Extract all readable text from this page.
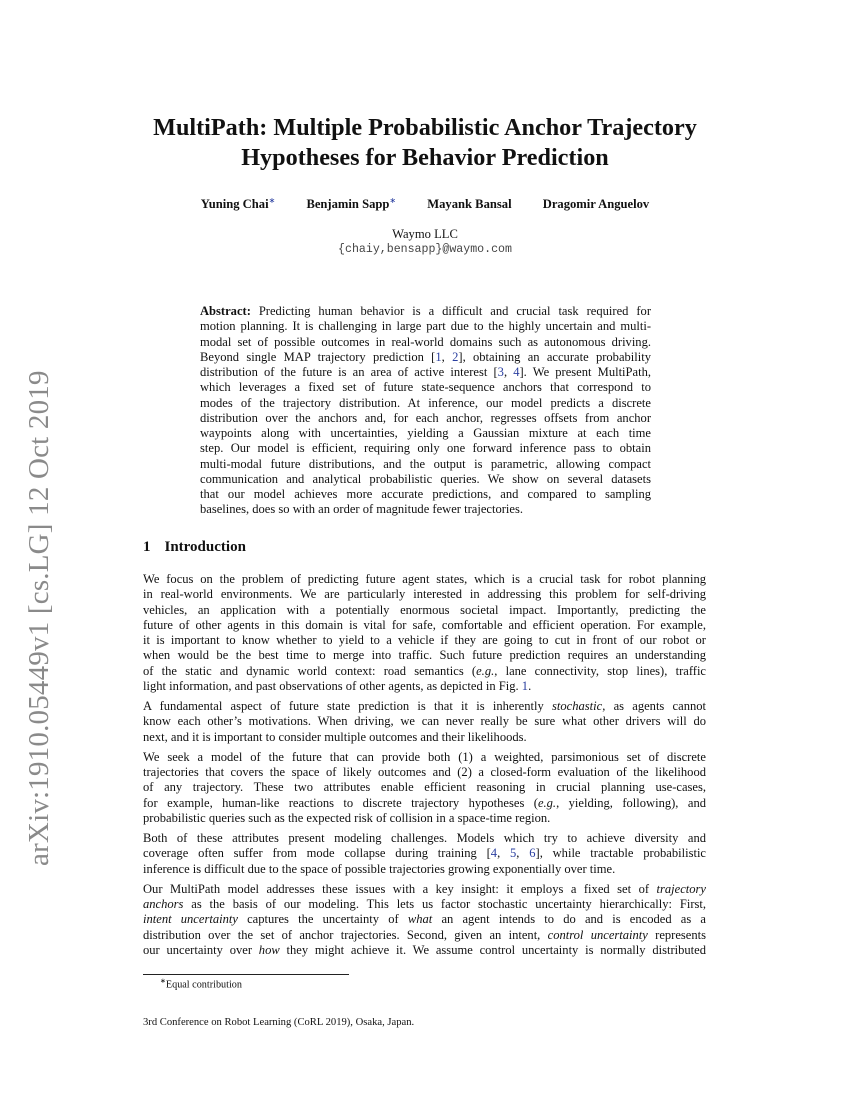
arXiv:1910.05449v1 [cs.LG] 12 Oct 2019
MultiPath: Multiple Probabilistic Anchor Trajectory
Hypotheses for Behavior Prediction
Yuning Chai∗ Benjamin Sapp∗ Mayank Bansal Dragomir Anguelov
Waymo LLC
{chaiy,bensapp}@waymo.com
Abstract: Predicting human behavior is a difficult and crucial task required for
motion planning. It is challenging in large part due to the highly uncertain and multi-
modal set of possible outcomes in real-world domains such as autonomous driving.
Beyond single MAP trajectory prediction [1, 2], obtaining an accurate probability
distribution of the future is an area of active interest [3, 4]. We present MultiPath,
which leverages a fixed set of future state-sequence anchors that correspond to
modes of the trajectory distribution. At inference, our model predicts a discrete
distribution over the anchors and, for each anchor, regresses offsets from anchor
waypoints along with uncertainties, yielding a Gaussian mixture at each time
step. Our model is efficient, requiring only one forward inference pass to obtain
multi-modal future distributions, and the output is parametric, allowing compact
communication and analytical probabilistic queries. We show on several datasets
that our model achieves more accurate predictions, and compared to sampling
baselines, does so with an order of magnitude fewer trajectories.
1 Introduction
We focus on the problem of predicting future agent states, which is a crucial task for robot planning
in real-world environments. We are particularly interested in addressing this problem for self-driving
vehicles, an application with a potentially enormous societal impact. Importantly, predicting the
future of other agents in this domain is vital for safe, comfortable and efficient operation. For example,
it is important to know whether to yield to a vehicle if they are going to cut in front of our robot or
when would be the best time to merge into traffic. Such future prediction requires an understanding
of the static and dynamic world context: road semantics (e.g., lane connectivity, stop lines), traffic
light information, and past observations of other agents, as depicted in Fig. 1.
A fundamental aspect of future state prediction is that it is inherently stochastic, as agents cannot
know each other’s motivations. When driving, we can never really be sure what other drivers will do
next, and it is important to consider multiple outcomes and their likelihoods.
We seek a model of the future that can provide both (1) a weighted, parsimonious set of discrete
trajectories that covers the space of likely outcomes and (2) a closed-form evaluation of the likelihood
of any trajectory. These two attributes enable efficient reasoning in crucial planning use-cases,
for example, human-like reactions to discrete trajectory hypotheses (e.g., yielding, following), and
probabilistic queries such as the expected risk of collision in a space-time region.
Both of these attributes present modeling challenges. Models which try to achieve diversity and
coverage often suffer from mode collapse during training [4, 5, 6], while tractable probabilistic
inference is difficult due to the space of possible trajectories growing exponentially over time.
Our MultiPath model addresses these issues with a key insight: it employs a fixed set of trajectory
anchors as the basis of our modeling. This lets us factor stochastic uncertainty hierarchically: First,
intent uncertainty captures the uncertainty of what an agent intends to do and is encoded as a
distribution over the set of anchor trajectories. Second, given an intent, control uncertainty represents
our uncertainty over how they might achieve it. We assume control uncertainty is normally distributed
∗Equal contribution
3rd Conference on Robot Learning (CoRL 2019), Osaka, Japan.
